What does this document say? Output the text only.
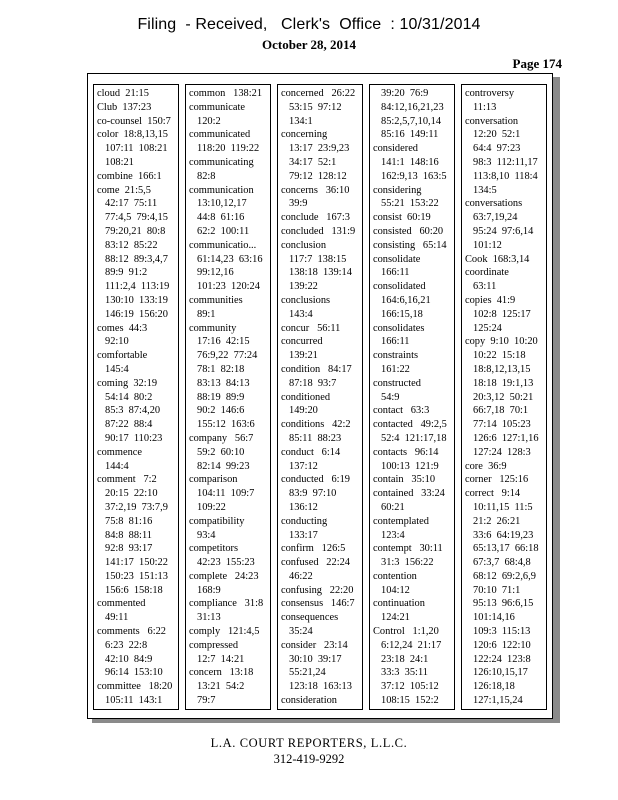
Filing  - Received,   Clerk's  Office  : 10/31/2014
October 28, 2014
Page 174
cloud  21:15
Club  137:23
co-counsel  150:7
color  18:8,13,15
107:11  108:21
108:21
combine  166:1
come  21:5,5
42:17  75:11
77:4,5  79:4,15
79:20,21  80:8
83:12  85:22
88:12  89:3,4,7
89:9  91:2
111:2,4  113:19
130:10  133:19
146:19  156:20
comes  44:3
92:10
comfortable
145:4
coming  32:19
54:14  80:2
85:3  87:4,20
87:22  88:4
90:17  110:23
commence
144:4
comment   7:2
20:15  22:10
37:2,19  73:7,9
75:8  81:16
84:8  88:11
92:8  93:17
141:17  150:22
150:23  151:13
156:6  158:18
commented
49:11
comments   6:22
6:23  22:8
42:10  84:9
96:14  153:10
committee   18:20
105:11  143:1
common   138:21
communicate
120:2
communicated
118:20  119:22
communicating
82:8
communication
13:10,12,17
44:8  61:16
62:2  100:11
communicatio...
61:14,23  63:16
99:12,16
101:23  120:24
communities
89:1
community
17:16  42:15
76:9,22  77:24
78:1  82:18
83:13  84:13
88:19  89:9
90:2  146:6
155:12  163:6
company   56:7
59:2  60:10
82:14  99:23
comparison
104:11  109:7
109:22
compatibility
93:4
competitors
42:23  155:23
complete   24:23
168:9
compliance   31:8
31:13
comply   121:4,5
compressed
12:7  14:21
concern   13:18
13:21  54:2
79:7
concerned   26:22
53:15  97:12
134:1
concerning
13:17  23:9,23
34:17  52:1
79:12  128:12
concerns   36:10
39:9
conclude   167:3
concluded   131:9
conclusion
117:7  138:15
138:18  139:14
139:22
conclusions
143:4
concur   56:11
concurred
139:21
condition   84:17
87:18  93:7
conditioned
149:20
conditions   42:2
85:11  88:23
conduct   6:14
137:12
conducted   6:19
83:9  97:10
136:12
conducting
133:17
confirm   126:5
confused   22:24
46:22
confusing   22:20
consensus   146:7
consequences
35:24
consider   23:14
30:10  39:17
55:21,24
123:18  163:13
consideration
39:20  76:9
84:12,16,21,23
85:2,5,7,10,14
85:16  149:11
considered
141:1  148:16
162:9,13  163:5
considering
55:21  153:22
consist  60:19
consisted   60:20
consisting   65:14
consolidate
166:11
consolidated
164:6,16,21
166:15,18
consolidates
166:11
constraints
161:22
constructed
54:9
contact   63:3
contacted   49:2,5
52:4  121:17,18
contacts   96:14
100:13  121:9
contain   35:10
contained   33:24
60:21
contemplated
123:4
contempt   30:11
31:3  156:22
contention
104:12
continuation
124:21
Control   1:1,20
6:12,24  21:17
23:18  24:1
33:3  35:11
37:12  105:12
108:15  152:2
controversy
11:13
conversation
12:20  52:1
64:4  97:23
98:3  112:11,17
113:8,10  118:4
134:5
conversations
63:7,19,24
95:24  97:6,14
101:12
Cook  168:3,14
coordinate
63:11
copies  41:9
102:8  125:17
125:24
copy  9:10  10:20
10:22  15:18
18:8,12,13,15
18:18  19:1,13
20:3,12  50:21
66:7,18  70:1
77:14  105:23
126:6  127:1,16
127:24  128:3
core  36:9
corner   125:16
correct   9:14
10:11,15  11:5
21:2  26:21
33:6  64:19,23
65:13,17  66:18
67:3,7  68:4,8
68:12  69:2,6,9
70:10  71:1
95:13  96:6,15
101:14,16
109:3  115:13
120:6  122:10
122:24  123:8
126:10,15,17
126:18,18
127:1,15,24
L.A. COURT REPORTERS, L.L.C.
312-419-9292
